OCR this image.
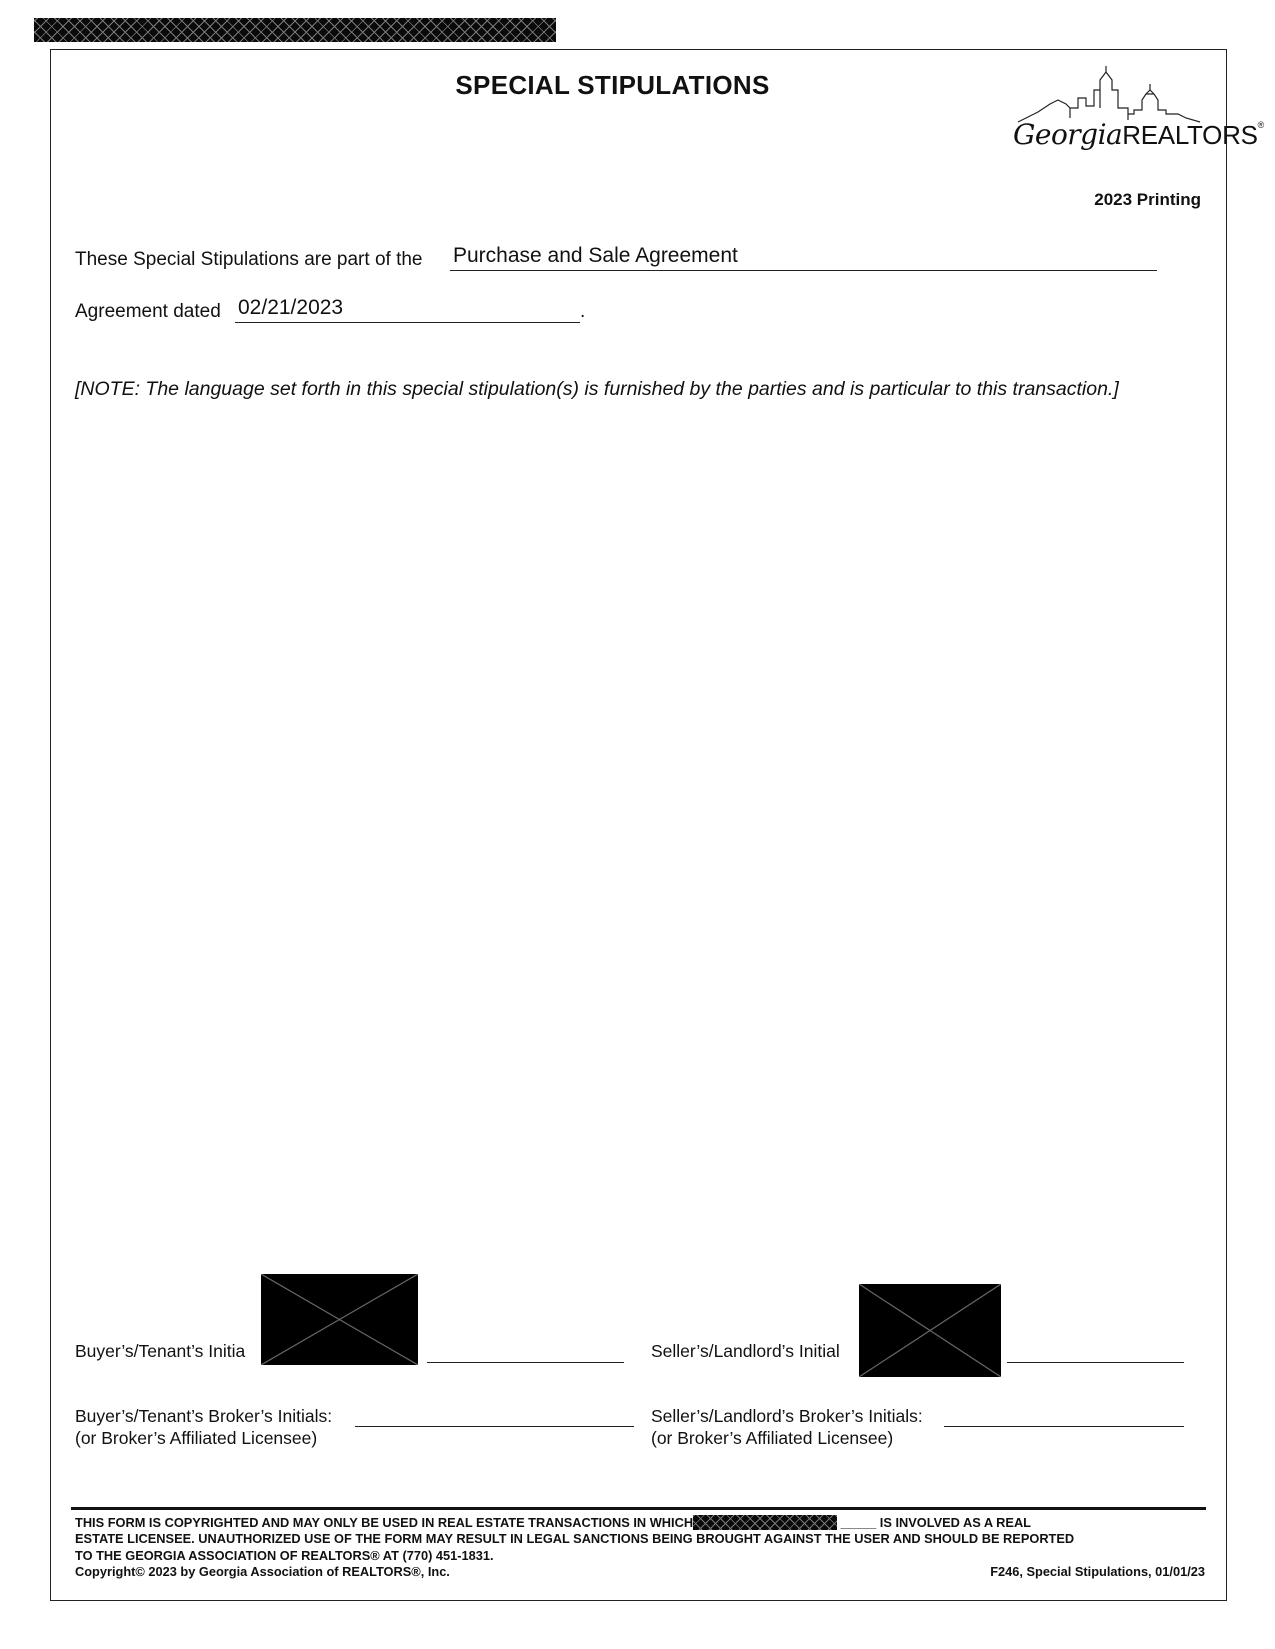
SPECIAL STIPULATIONS
GeorgiaREALTORS®
2023 Printing
These Special Stipulations are part of the Purchase and Sale Agreement
Agreement dated 02/21/2023	.
[NOTE: The language set forth in this special stipulation(s) is furnished by the parties and is particular to this transaction.]
Buyer’s/Tenant’s Initia	Seller’s/Landlord’s Initial
Buyer’s/Tenant’s Broker’s Initials:
(or Broker’s Affiliated Licensee)
Seller’s/Landlord’s Broker’s Initials:
(or Broker’s Affiliated Licensee)

THIS FORM IS COPYRIGHTED AND MAY ONLY BE USED IN REAL ESTATE TRANSACTIONS IN WHICH	_____ IS INVOLVED AS A REAL

ESTATE LICENSEE. UNAUTHORIZED USE OF THE FORM MAY RESULT IN LEGAL SANCTIONS BEING BROUGHT AGAINST THE USER AND SHOULD BE REPORTED

TO THE GEORGIA ASSOCIATION OF REALTORS® AT (770) 451-1831.

Copyright© 2023 by Georgia Association of REALTORS®, Inc.	F246, Special Stipulations, 01/01/23
